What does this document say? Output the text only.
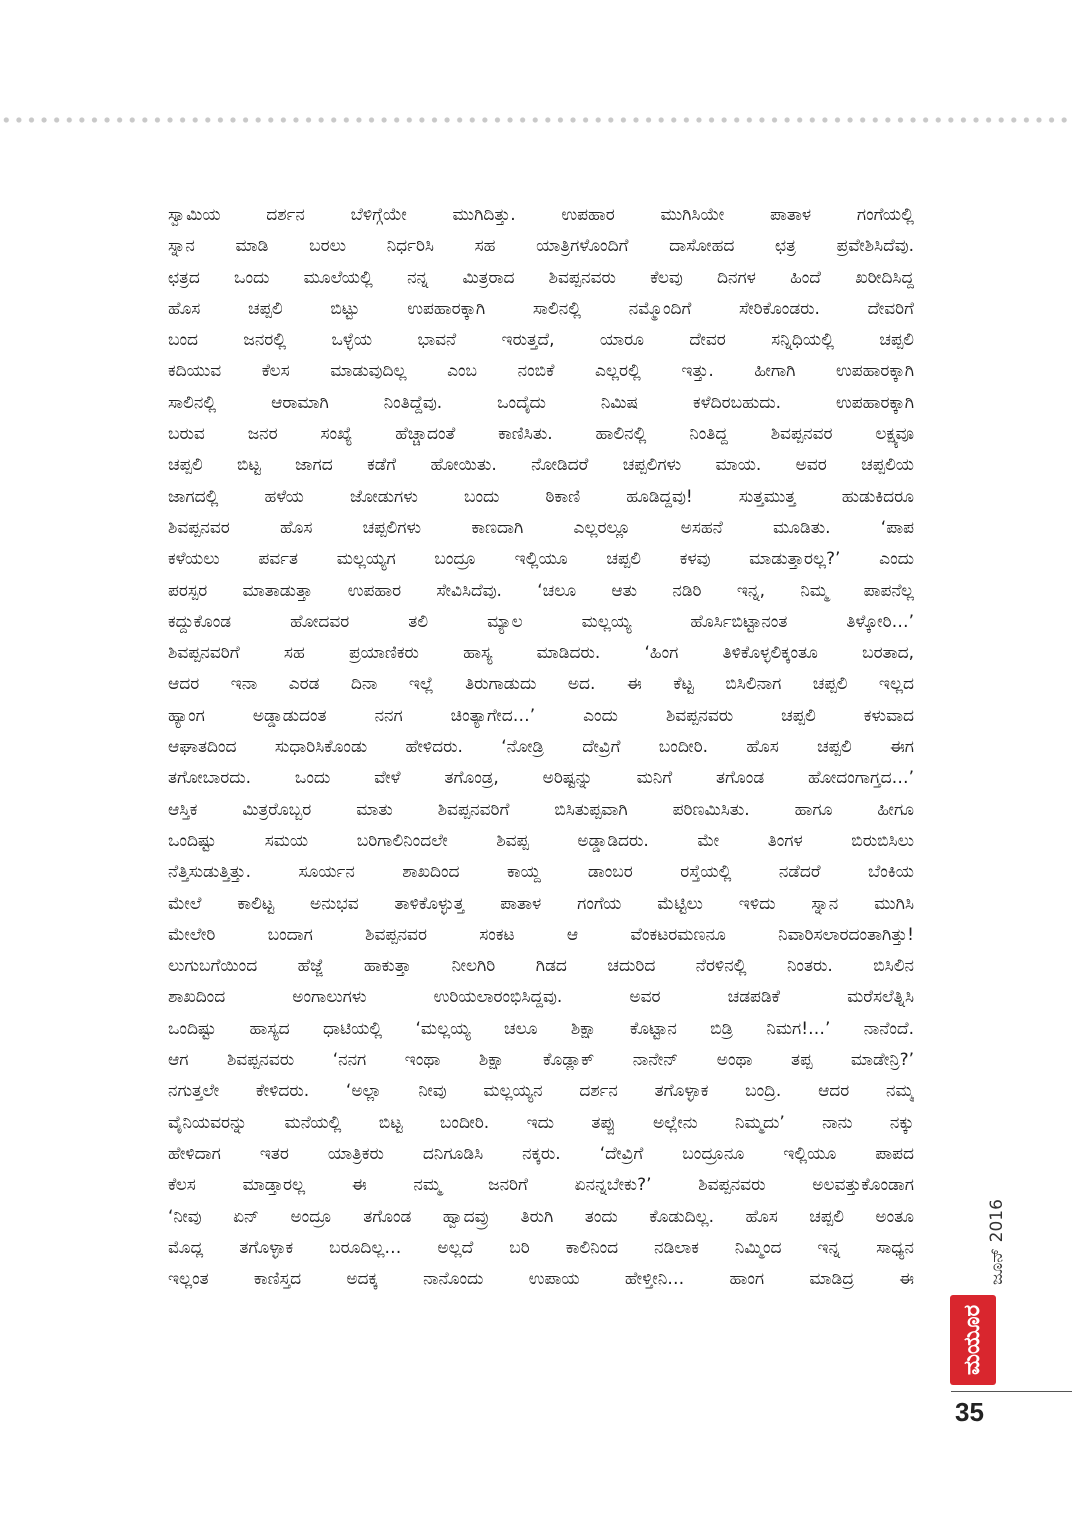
ಸ್ವಾಮಿಯ ದರ್ಶನ ಬೆಳಿಗ್ಗೆಯೇ ಮುಗಿದಿತ್ತು. ಉಪಹಾರ ಮುಗಿಸಿಯೇ ಪಾತಾಳ ಗಂಗೆಯಲ್ಲಿ
ಸ್ನಾನ ಮಾಡಿ ಬರಲು ನಿರ್ಧರಿಸಿ ಸಹ ಯಾತ್ರಿಗಳೊಂದಿಗೆ ದಾಸೋಹದ ಛತ್ರ ಪ್ರವೇಶಿಸಿದೆವು.
ಛತ್ರದ ಒಂದು ಮೂಲೆಯಲ್ಲಿ ನನ್ನ ಮಿತ್ರರಾದ ಶಿವಪ್ಪನವರು ಕೆಲವು ದಿನಗಳ ಹಿಂದೆ ಖರೀದಿಸಿದ್ದ
ಹೊಸ ಚಪ್ಪಲಿ ಬಿಟ್ಟು ಉಪಹಾರಕ್ಕಾಗಿ ಸಾಲಿನಲ್ಲಿ ನಮ್ಮೊಂದಿಗೆ ಸೇರಿಕೊಂಡರು. ದೇವರಿಗೆ
ಬಂದ ಜನರಲ್ಲಿ ಒಳ್ಳೆಯ ಭಾವನೆ ಇರುತ್ತದೆ, ಯಾರೂ ದೇವರ ಸನ್ನಿಧಿಯಲ್ಲಿ ಚಪ್ಪಲಿ
ಕದಿಯುವ ಕೆಲಸ ಮಾಡುವುದಿಲ್ಲ ಎಂಬ ನಂಬಿಕೆ ಎಲ್ಲರಲ್ಲಿ ಇತ್ತು. ಹೀಗಾಗಿ ಉಪಹಾರಕ್ಕಾಗಿ
ಸಾಲಿನಲ್ಲಿ ಆರಾಮಾಗಿ ನಿಂತಿದ್ದೆವು. ಒಂದೈದು ನಿಮಿಷ ಕಳೆದಿರಬಹುದು. ಉಪಹಾರಕ್ಕಾಗಿ
ಬರುವ ಜನರ ಸಂಖ್ಯೆ ಹೆಚ್ಚಾದಂತೆ ಕಾಣಿಸಿತು. ಹಾಲಿನಲ್ಲಿ ನಿಂತಿದ್ದ ಶಿವಪ್ಪನವರ ಲಕ್ಷ್ಯವೂ
ಚಪ್ಪಲಿ ಬಿಟ್ಟ ಜಾಗದ ಕಡೆಗೆ ಹೋಯಿತು. ನೋಡಿದರೆ ಚಪ್ಪಲಿಗಳು ಮಾಯ. ಅವರ ಚಪ್ಪಲಿಯ
ಜಾಗದಲ್ಲಿ ಹಳೆಯ ಜೋಡುಗಳು ಬಂದು ಠಿಕಾಣಿ ಹೂಡಿದ್ದವು! ಸುತ್ತಮುತ್ತ ಹುಡುಕಿದರೂ
ಶಿವಪ್ಪನವರ ಹೊಸ ಚಪ್ಪಲಿಗಳು ಕಾಣದಾಗಿ ಎಲ್ಲರಲ್ಲೂ ಅಸಹನೆ ಮೂಡಿತು. ‘ಪಾಪ
ಕಳೆಯಲು ಪರ್ವತ ಮಲ್ಲಯ್ಯಗ ಬಂದ್ರೂ ಇಲ್ಲಿಯೂ ಚಪ್ಪಲಿ ಕಳವು ಮಾಡುತ್ತಾರಲ್ಲ?’ ಎಂದು
ಪರಸ್ಪರ ಮಾತಾಡುತ್ತಾ ಉಪಹಾರ ಸೇವಿಸಿದೆವು. ‘ಚಲೂ ಆತು ನಡಿರಿ ಇನ್ನ, ನಿಮ್ಮ ಪಾಪನೆಲ್ಲ
ಕದ್ದುಕೊಂಡ ಹೋದವರ ತಲಿ ಮ್ಯಾಲ ಮಲ್ಲಯ್ಯ ಹೊರ್ಸಿಬಿಟ್ಟಾನಂತ ತಿಳ್ಕೋರಿ…’
ಶಿವಪ್ಪನವರಿಗೆ ಸಹ ಪ್ರಯಾಣಿಕರು ಹಾಸ್ಯ ಮಾಡಿದರು. ‘ಹಿಂಗ ತಿಳಿಕೊಳ್ಳಲಿಕ್ಕಂತೂ ಬರತಾದ,
ಆದರ ಇನಾ ಎರಡ ದಿನಾ ಇಲ್ಲೆ ತಿರುಗಾಡುದು ಅದ. ಈ ಕೆಟ್ಟ ಬಿಸಿಲಿನಾಗ ಚಪ್ಪಲಿ ಇಲ್ಲದ
ಹ್ಯಾಂಗ ಅಡ್ಡಾಡುದಂತ ನನಗ ಚಿಂತ್ಯಾಗೇದ…’ ಎಂದು ಶಿವಪ್ಪನವರು ಚಪ್ಪಲಿ ಕಳುವಾದ
ಆಘಾತದಿಂದ ಸುಧಾರಿಸಿಕೊಂಡು ಹೇಳಿದರು. ‘ನೋಡ್ರಿ ದೇವ್ರಿಗೆ ಬಂದೀರಿ. ಹೊಸ ಚಪ್ಪಲಿ ಈಗ
ತಗೋಬಾರದು. ಒಂದು ವೇಳೆ ತಗೊಂಡ್ರ, ಅರಿಷ್ಟನ್ನು ಮನಿಗೆ ತಗೊಂಡ ಹೋದಂಗಾಗ್ತದ…’
ಆಸ್ತಿಕ ಮಿತ್ರರೊಬ್ಬರ ಮಾತು ಶಿವಪ್ಪನವರಿಗೆ ಬಿಸಿತುಪ್ಪವಾಗಿ ಪರಿಣಮಿಸಿತು. ಹಾಗೂ ಹೀಗೂ
ಒಂದಿಷ್ಟು ಸಮಯ ಬರಿಗಾಲಿನಿಂದಲೇ ಶಿವಪ್ಪ ಅಡ್ಡಾಡಿದರು. ಮೇ ತಿಂಗಳ ಬಿರುಬಿಸಿಲು
ನೆತ್ತಿಸುಡುತ್ತಿತ್ತು. ಸೂರ್ಯನ ಶಾಖದಿಂದ ಕಾಯ್ದ ಡಾಂಬರ ರಸ್ತೆಯಲ್ಲಿ ನಡೆದರೆ ಬೆಂಕಿಯ
ಮೇಲೆ ಕಾಲಿಟ್ಟ ಅನುಭವ ತಾಳಿಕೊಳ್ಳುತ್ತ ಪಾತಾಳ ಗಂಗೆಯ ಮೆಟ್ಟಿಲು ಇಳಿದು ಸ್ನಾನ ಮುಗಿಸಿ
ಮೇಲೇರಿ ಬಂದಾಗ ಶಿವಪ್ಪನವರ ಸಂಕಟ ಆ ವೆಂಕಟರಮಣನೂ ನಿವಾರಿಸಲಾರದಂತಾಗಿತ್ತು!
ಲುಗುಬಗೆಯಿಂದ ಹೆಜ್ಜೆ ಹಾಕುತ್ತಾ ನೀಲಗಿರಿ ಗಿಡದ ಚದುರಿದ ನೆರಳಿನಲ್ಲಿ ನಿಂತರು. ಬಿಸಿಲಿನ
ಶಾಖದಿಂದ ಅಂಗಾಲುಗಳು ಉರಿಯಲಾರಂಭಿಸಿದ್ದವು. ಅವರ ಚಡಪಡಿಕೆ ಮರೆಸಲೆತ್ನಿಸಿ
ಒಂದಿಷ್ಟು ಹಾಸ್ಯದ ಧಾಟಿಯಲ್ಲಿ ‘ಮಲ್ಲಯ್ಯ ಚಲೂ ಶಿಕ್ಷಾ ಕೊಟ್ಟಾನ ಬಿಡ್ರಿ ನಿಮಗ!…’ ನಾನೆಂದೆ.
ಆಗ ಶಿವಪ್ಪನವರು ‘ನನಗ ಇಂಥಾ ಶಿಕ್ಷಾ ಕೊಡ್ಲಾಕ್ ನಾನೇನ್ ಅಂಥಾ ತಪ್ಪ ಮಾಡೇನ್ರಿ?’
ನಗುತ್ತಲೇ ಕೇಳಿದರು. ‘ಅಲ್ಲಾ ನೀವು ಮಲ್ಲಯ್ಯನ ದರ್ಶನ ತಗೊಳ್ಳಾಕ ಬಂದ್ರಿ. ಆದರ ನಮ್ಮ
ವೈನಿಯವರನ್ನು ಮನೆಯಲ್ಲಿ ಬಿಟ್ಟ ಬಂದೀರಿ. ಇದು ತಪ್ಪು ಅಲ್ಲೇನು ನಿಮ್ಮದು’ ನಾನು ನಕ್ಕು
ಹೇಳಿದಾಗ ಇತರ ಯಾತ್ರಿಕರು ದನಿಗೂಡಿಸಿ ನಕ್ಕರು. ‘ದೇವ್ರಿಗೆ ಬಂದ್ರೂನೂ ಇಲ್ಲಿಯೂ ಪಾಪದ
ಕೆಲಸ ಮಾಡ್ತಾರಲ್ಲ ಈ ನಮ್ಮ ಜನರಿಗೆ ಏನನ್ನಬೇಕು?’ ಶಿವಪ್ಪನವರು ಅಲವತ್ತುಕೊಂಡಾಗ
‘ನೀವು ಏನ್ ಅಂದ್ರೂ ತಗೊಂಡ ಹ್ವಾದವ್ರು ತಿರುಗಿ ತಂದು ಕೊಡುದಿಲ್ಲ. ಹೊಸ ಚಪ್ಪಲಿ ಅಂತೂ
ಮೊದ್ಲ ತಗೊಳ್ಳಾಕ ಬರೂದಿಲ್ಲ… ಅಲ್ಲದೆ ಬರಿ ಕಾಲಿನಿಂದ ನಡಿಲಾಕ ನಿಮ್ಮಿಂದ ಇನ್ನ ಸಾಧ್ಯನ
ಇಲ್ಲಂತ ಕಾಣಿಸ್ತದ ಅದಕ್ಕ ನಾನೊಂದು ಉಪಾಯ ಹೇಳ್ತೀನಿ… ಹಾಂಗ ಮಾಡಿದ್ರ ಈ	ಜೂನ್ 2016
ಮಯೂರ
35
